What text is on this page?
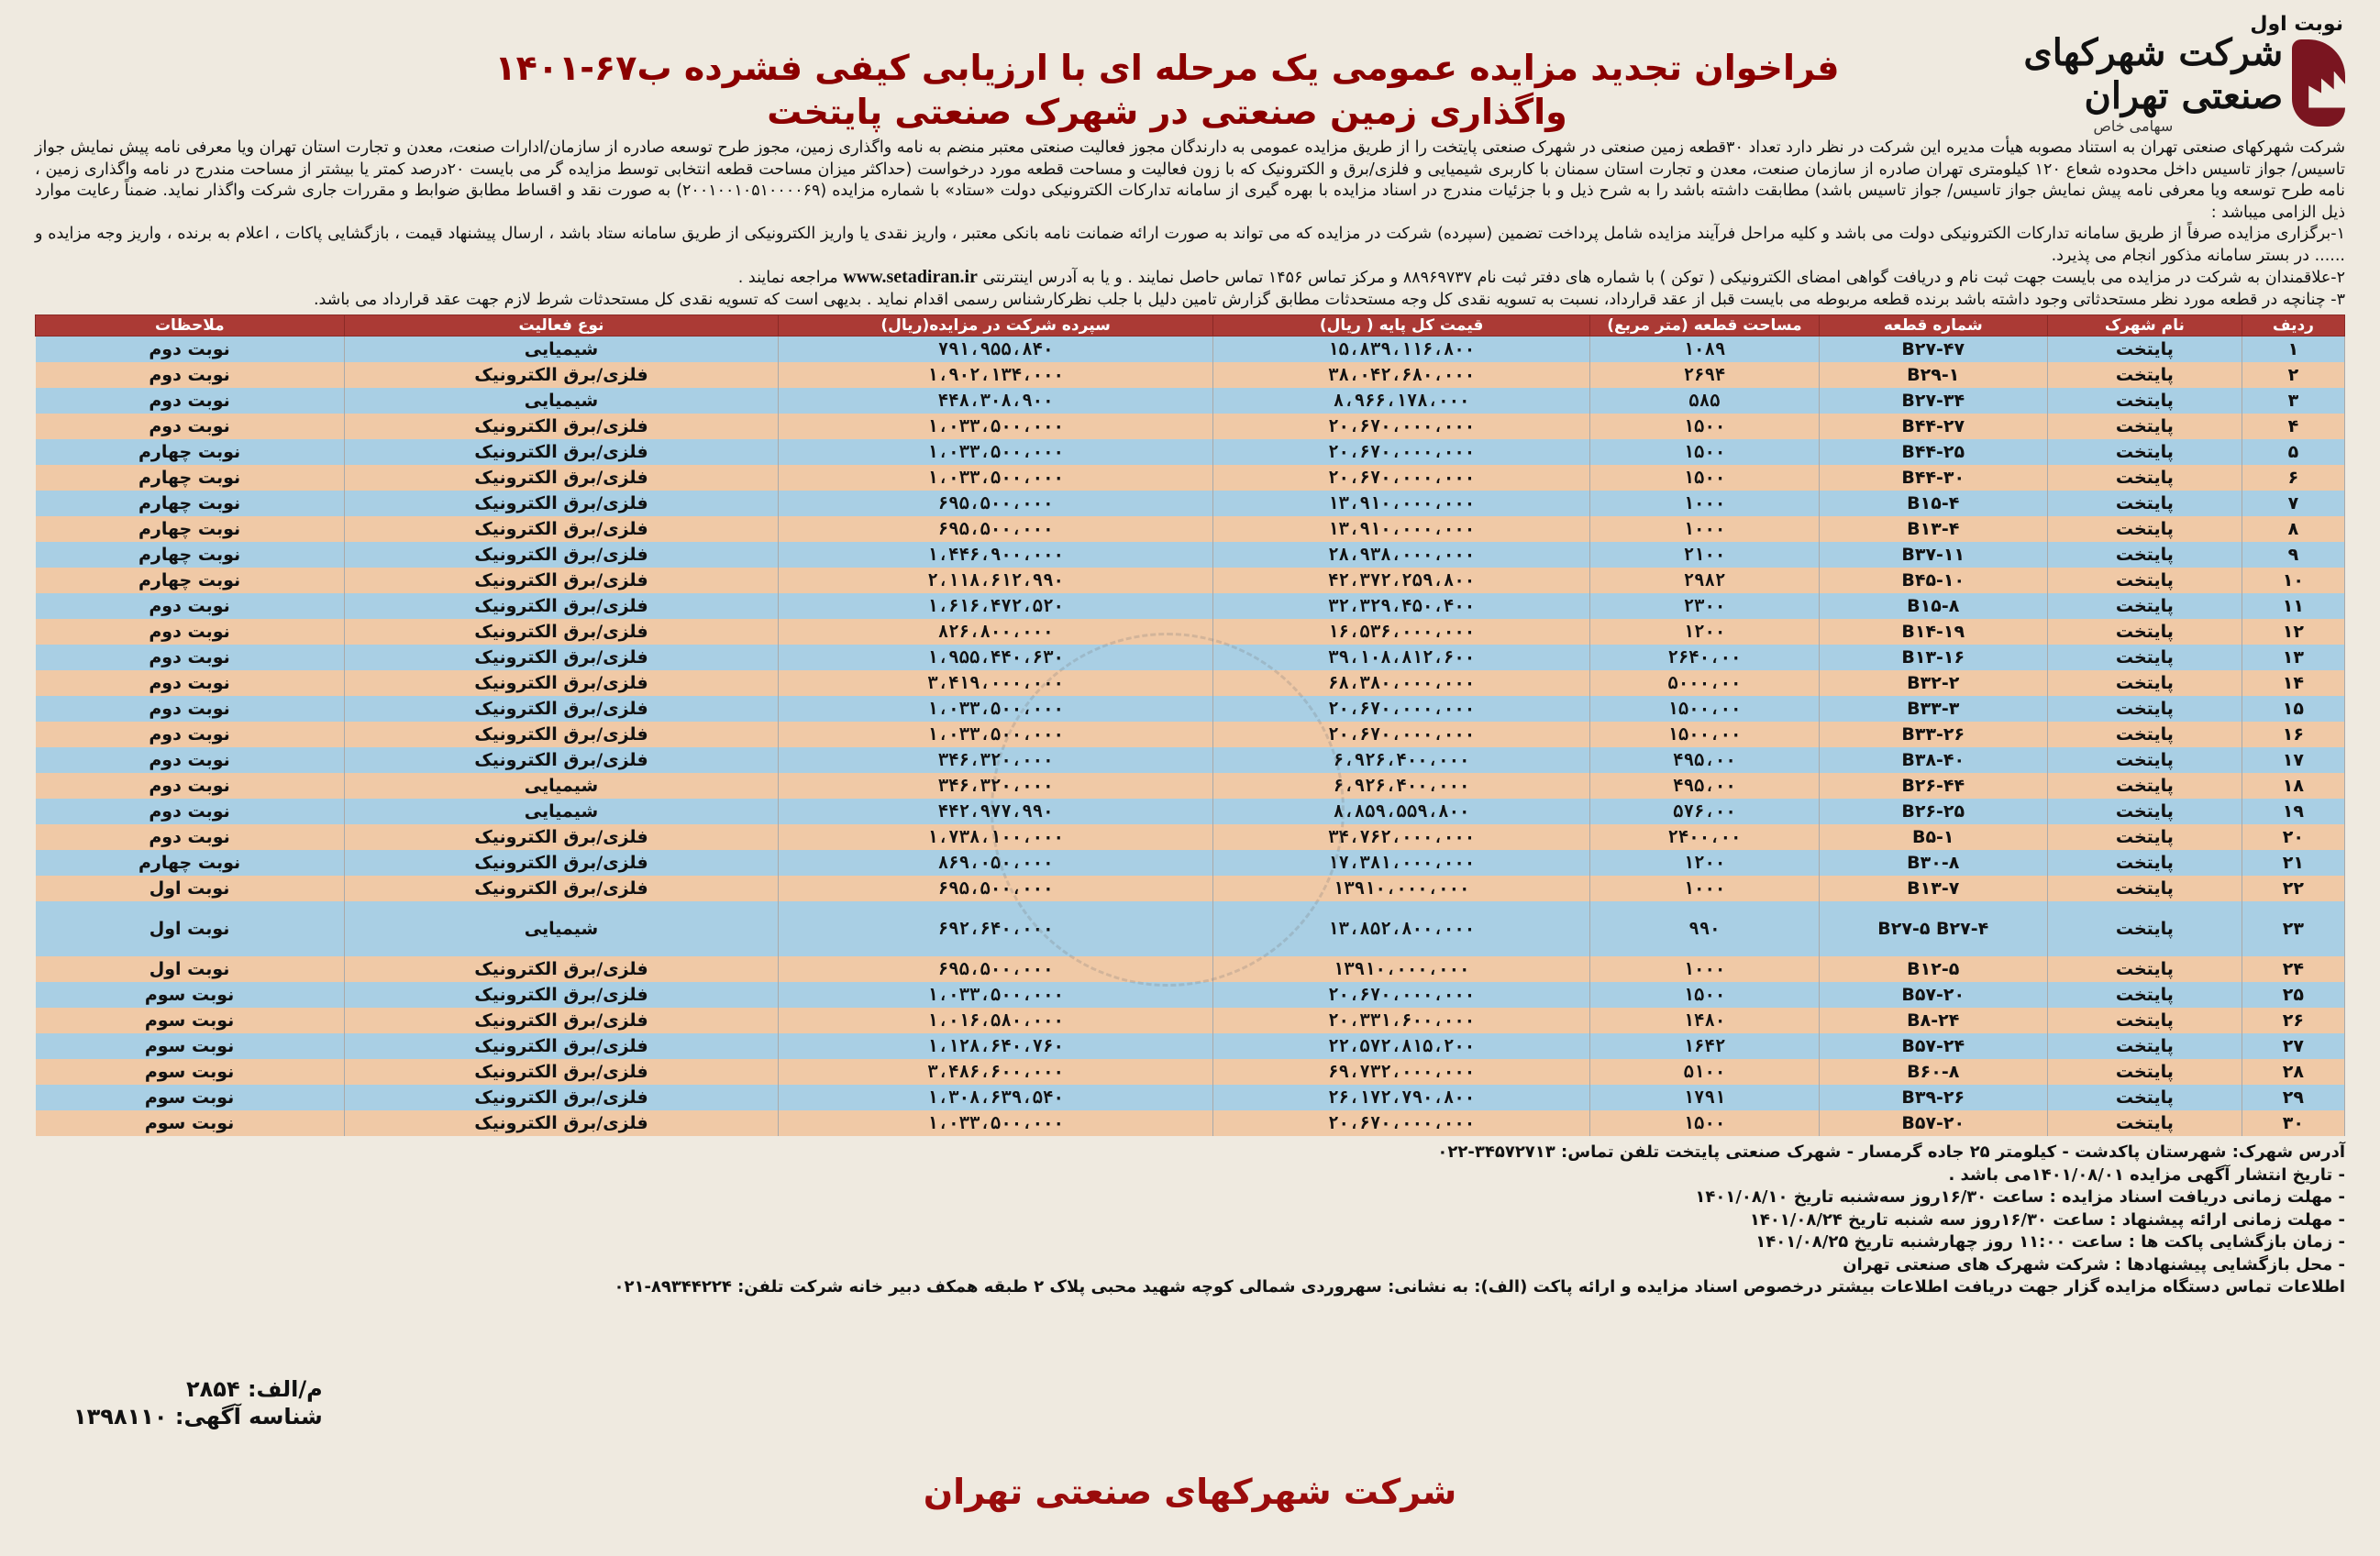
نوبت اول
شرکت شهرکهای صنعتی تهران
سهامی خاص
فراخوان تجدید مزایده عمومی یک مرحله ای با ارزیابی کیفی فشرده ب۶۷-۱۴۰۱
واگذاری زمین صنعتی در شهرک صنعتی پایتخت

شرکت شهرکهای صنعتی تهران به استناد مصوبه هیأت مدیره این شرکت در نظر دارد تعداد ۳۰قطعه زمین صنعتی در شهرک صنعتی پایتخت را از طریق مزایده عمومی به دارندگان مجوز فعالیت صنعتی معتبر منضم به نامه واگذاری زمین، مجوز طرح توسعه صادره از سازمان/ادارات صنعت، معدن و تجارت استان تهران ویا معرفی نامه پیش نمایش جواز تاسیس/ جواز تاسیس داخل محدوده شعاع ۱۲۰ کیلومتری تهران صادره از سازمان صنعت، معدن و تجارت استان سمنان با کاربری شیمیایی و فلزی/برق و الکترونیک که با زون فعالیت و مساحت قطعه مورد درخواست (حداکثر میزان مساحت قطعه انتخابی توسط مزایده گر می بایست ۲۰درصد کمتر یا بیشتر از مساحت مندرج در نامه واگذاری زمین ، نامه طرح توسعه ویا معرفی نامه پیش نمایش جواز تاسیس/ جواز تاسیس باشد) مطابقت داشته باشد را به شرح ذیل و با جزئیات مندرج در اسناد مزایده با بهره گیری از سامانه تدارکات الکترونیکی دولت «ستاد» با شماره مزایده (۲۰۰۱۰۰۱۰۵۱۰۰۰۰۶۹) به صورت نقد و اقساط مطابق ضوابط و مقررات جاری شرکت واگذار نماید. ضمناً رعایت موارد ذیل الزامی میباشد :

۱-برگزاری مزایده صرفاً از طریق سامانه تدارکات الکترونیکی دولت می باشد و کلیه مراحل فرآیند مزایده شامل پرداخت تضمین (سپرده) شرکت در مزایده که می تواند به صورت ارائه ضمانت نامه بانکی معتبر ، واریز نقدی یا واریز الکترونیکی از طریق سامانه ستاد باشد ، ارسال پیشنهاد قیمت ، بازگشایی پاکات ، اعلام به برنده ، واریز وجه مزایده و ...... در بستر سامانه مذکور انجام می پذیرد.

۲-علاقمندان به شرکت در مزایده می بایست جهت ثبت نام و دریافت گواهی امضای الکترونیکی ( توکن ) با شماره های دفتر ثبت نام ۸۸۹۶۹۷۳۷ و مرکز تماس ۱۴۵۶ تماس حاصل نمایند . و یا به آدرس اینترنتی www.setadiran.ir مراجعه نمایند .

۳- چنانچه در قطعه مورد نظر مستحدثاتی وجود داشته باشد برنده قطعه مربوطه می بایست قبل از عقد قرارداد، نسبت به تسویه نقدی کل وجه مستحدثات مطابق گزارش تامین دلیل با جلب نظرکارشناس رسمی اقدام نماید . بدیهی است که تسویه نقدی کل مستحدثات شرط لازم جهت عقد قرارداد می باشد.

ردیف	نام شهرک	شماره قطعه	مساحت قطعه (متر مربع)	قیمت کل پایه ( ریال)	سپرده شرکت در مزایده(ریال)	نوع فعالیت	ملاحظات
۱	پایتخت	B۲۷-۴۷	۱۰۸۹	۱۵،۸۳۹،۱۱۶،۸۰۰	۷۹۱،۹۵۵،۸۴۰	شیمیایی	نوبت دوم
۲	پایتخت	B۲۹-۱	۲۶۹۴	۳۸،۰۴۲،۶۸۰،۰۰۰	۱،۹۰۲،۱۳۴،۰۰۰	فلزی/برق الکترونیک	نوبت دوم
۳	پایتخت	B۲۷-۳۴	۵۸۵	۸،۹۶۶،۱۷۸،۰۰۰	۴۴۸،۳۰۸،۹۰۰	شیمیایی	نوبت دوم
۴	پایتخت	B۴۴-۲۷	۱۵۰۰	۲۰،۶۷۰،۰۰۰،۰۰۰	۱،۰۳۳،۵۰۰،۰۰۰	فلزی/برق الکترونیک	نوبت دوم
۵	پایتخت	B۴۴-۲۵	۱۵۰۰	۲۰،۶۷۰،۰۰۰،۰۰۰	۱،۰۳۳،۵۰۰،۰۰۰	فلزی/برق الکترونیک	نوبت چهارم
۶	پایتخت	B۴۴-۳۰	۱۵۰۰	۲۰،۶۷۰،۰۰۰،۰۰۰	۱،۰۳۳،۵۰۰،۰۰۰	فلزی/برق الکترونیک	نوبت چهارم
۷	پایتخت	B۱۵-۴	۱۰۰۰	۱۳،۹۱۰،۰۰۰،۰۰۰	۶۹۵،۵۰۰،۰۰۰	فلزی/برق الکترونیک	نوبت چهارم
۸	پایتخت	B۱۳-۴	۱۰۰۰	۱۳،۹۱۰،۰۰۰،۰۰۰	۶۹۵،۵۰۰،۰۰۰	فلزی/برق الکترونیک	نوبت چهارم
۹	پایتخت	B۳۷-۱۱	۲۱۰۰	۲۸،۹۳۸،۰۰۰،۰۰۰	۱،۴۴۶،۹۰۰،۰۰۰	فلزی/برق الکترونیک	نوبت چهارم
۱۰	پایتخت	B۴۵-۱۰	۲۹۸۲	۴۲،۳۷۲،۲۵۹،۸۰۰	۲،۱۱۸،۶۱۲،۹۹۰	فلزی/برق الکترونیک	نوبت چهارم
۱۱	پایتخت	B۱۵-۸	۲۳۰۰	۳۲،۳۲۹،۴۵۰،۴۰۰	۱،۶۱۶،۴۷۲،۵۲۰	فلزی/برق الکترونیک	نوبت دوم
۱۲	پایتخت	B۱۴-۱۹	۱۲۰۰	۱۶،۵۳۶،۰۰۰،۰۰۰	۸۲۶،۸۰۰،۰۰۰	فلزی/برق الکترونیک	نوبت دوم
۱۳	پایتخت	B۱۳-۱۶	۲۶۴۰،۰۰	۳۹،۱۰۸،۸۱۲،۶۰۰	۱،۹۵۵،۴۴۰،۶۳۰	فلزی/برق الکترونیک	نوبت دوم
۱۴	پایتخت	B۳۲-۲	۵۰۰۰،۰۰	۶۸،۳۸۰،۰۰۰،۰۰۰	۳،۴۱۹،۰۰۰،۰۰۰	فلزی/برق الکترونیک	نوبت دوم
۱۵	پایتخت	B۳۳-۳	۱۵۰۰،۰۰	۲۰،۶۷۰،۰۰۰،۰۰۰	۱،۰۳۳،۵۰۰،۰۰۰	فلزی/برق الکترونیک	نوبت دوم
۱۶	پایتخت	B۳۳-۲۶	۱۵۰۰،۰۰	۲۰،۶۷۰،۰۰۰،۰۰۰	۱،۰۳۳،۵۰۰،۰۰۰	فلزی/برق الکترونیک	نوبت دوم
۱۷	پایتخت	B۳۸-۴۰	۴۹۵،۰۰	۶،۹۲۶،۴۰۰،۰۰۰	۳۴۶،۳۲۰،۰۰۰	فلزی/برق الکترونیک	نوبت دوم
۱۸	پایتخت	B۲۶-۴۴	۴۹۵،۰۰	۶،۹۲۶،۴۰۰،۰۰۰	۳۴۶،۳۲۰،۰۰۰	شیمیایی	نوبت دوم
۱۹	پایتخت	B۲۶-۲۵	۵۷۶،۰۰	۸،۸۵۹،۵۵۹،۸۰۰	۴۴۲،۹۷۷،۹۹۰	شیمیایی	نوبت دوم
۲۰	پایتخت	B۵-۱	۲۴۰۰،۰۰	۳۴،۷۶۲،۰۰۰،۰۰۰	۱،۷۳۸،۱۰۰،۰۰۰	فلزی/برق الکترونیک	نوبت دوم
۲۱	پایتخت	B۳۰-۸	۱۲۰۰	۱۷،۳۸۱،۰۰۰،۰۰۰	۸۶۹،۰۵۰،۰۰۰	فلزی/برق الکترونیک	نوبت چهارم
۲۲	پایتخت	B۱۳-۷	۱۰۰۰	۱۳۹۱۰،۰۰۰،۰۰۰	۶۹۵،۵۰۰،۰۰۰	فلزی/برق الکترونیک	نوبت اول
۲۳	پایتخت	B۲۷-۵ B۲۷-۴	۹۹۰	۱۳،۸۵۲،۸۰۰،۰۰۰	۶۹۲،۶۴۰،۰۰۰	شیمیایی	نوبت اول
۲۴	پایتخت	B۱۲-۵	۱۰۰۰	۱۳۹۱۰،۰۰۰،۰۰۰	۶۹۵،۵۰۰،۰۰۰	فلزی/برق الکترونیک	نوبت اول
۲۵	پایتخت	B۵۷-۲۰	۱۵۰۰	۲۰،۶۷۰،۰۰۰،۰۰۰	۱،۰۳۳،۵۰۰،۰۰۰	فلزی/برق الکترونیک	نوبت سوم
۲۶	پایتخت	B۸-۲۴	۱۴۸۰	۲۰،۳۳۱،۶۰۰،۰۰۰	۱،۰۱۶،۵۸۰،۰۰۰	فلزی/برق الکترونیک	نوبت سوم
۲۷	پایتخت	B۵۷-۲۴	۱۶۴۲	۲۲،۵۷۲،۸۱۵،۲۰۰	۱،۱۲۸،۶۴۰،۷۶۰	فلزی/برق الکترونیک	نوبت سوم
۲۸	پایتخت	B۶۰-۸	۵۱۰۰	۶۹،۷۳۲،۰۰۰،۰۰۰	۳،۴۸۶،۶۰۰،۰۰۰	فلزی/برق الکترونیک	نوبت سوم
۲۹	پایتخت	B۳۹-۲۶	۱۷۹۱	۲۶،۱۷۲،۷۹۰،۸۰۰	۱،۳۰۸،۶۳۹،۵۴۰	فلزی/برق الکترونیک	نوبت سوم
۳۰	پایتخت	B۵۷-۲۰	۱۵۰۰	۲۰،۶۷۰،۰۰۰،۰۰۰	۱،۰۳۳،۵۰۰،۰۰۰	فلزی/برق الکترونیک	نوبت سوم

آدرس شهرک: شهرستان پاکدشت - کیلومتر ۲۵ جاده گرمسار - شهرک صنعتی پایتخت تلفن تماس: ۳۴۵۷۲۷۱۳-۰۲۲

- تاریخ انتشار آگهی مزایده ۱۴۰۱/۰۸/۰۱می باشد .

- مهلت زمانی دریافت اسناد مزایده : ساعت ۱۶/۳۰روز سه‌شنبه تاریخ ۱۴۰۱/۰۸/۱۰

- مهلت زمانی ارائه پیشنهاد : ساعت ۱۶/۳۰روز سه شنبه تاریخ ۱۴۰۱/۰۸/۲۴

- زمان بازگشایی پاکت ها : ساعت ۱۱:۰۰ روز چهارشنبه تاریخ ۱۴۰۱/۰۸/۲۵

- محل بازگشایی پیشنهادها : شرکت شهرک های صنعتی تهران

اطلاعات تماس دستگاه مزایده گزار جهت دریافت اطلاعات بیشتر درخصوص اسناد مزایده و ارائه پاکت (الف): به نشانی: سهروردی شمالی کوچه شهید محبی پلاک ۲ طبقه همکف دبیر خانه شرکت تلفن: ۸۹۳۴۴۲۲۴-۰۲۱

م/الف: ۲۸۵۴
شناسه آگهی: ۱۳۹۸۱۱۰
شرکت شهرکهای صنعتی تهران
